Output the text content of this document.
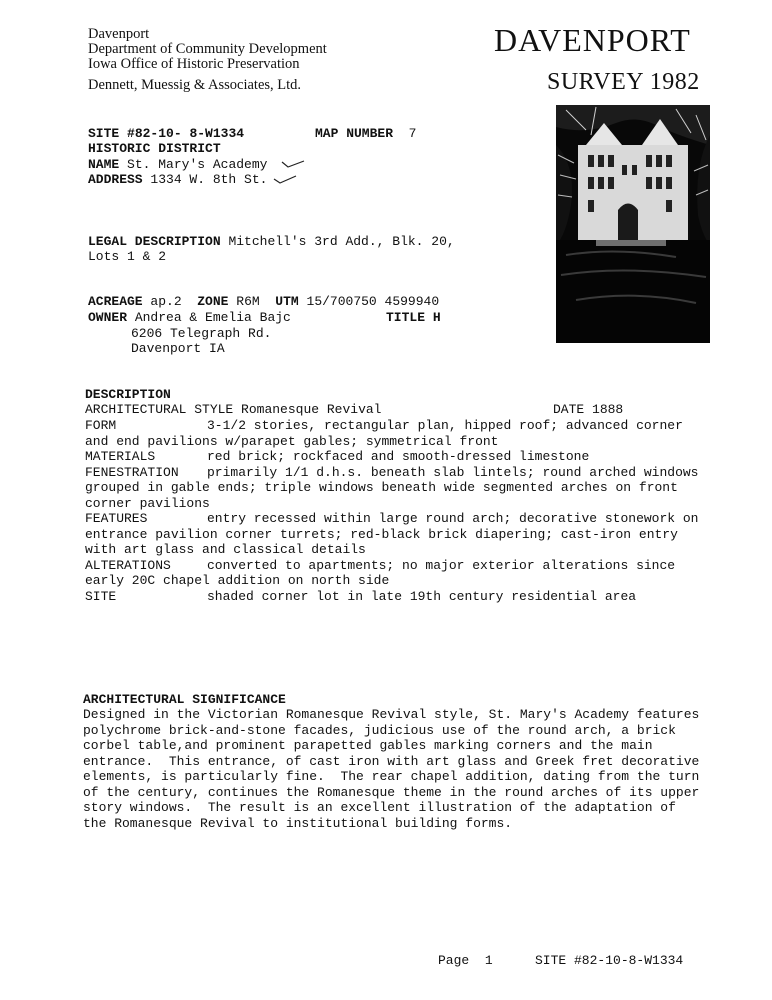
Davenport
Department of Community Development
Iowa Office of Historic Preservation
Dennett, Muessig & Associates, Ltd.
DAVENPORT
SURVEY 1982
SITE #82-10- 8-W1334	MAP NUMBER 7
HISTORIC DISTRICT
NAME St. Mary's Academy
ADDRESS 1334 W. 8th St.
LEGAL DESCRIPTION Mitchell's 3rd Add., Blk. 20,
Lots 1 & 2
ACREAGE ap.2 ZONE R6M UTM 15/700750 4599940
OWNER Andrea & Emelia Bajc	TITLE H
6206 Telegraph Rd.
Davenport IA
DESCRIPTION
ARCHITECTURAL STYLE Romanesque Revival	DATE 1888
FORM	3-1/2 stories, rectangular plan, hipped roof; advanced corner
and end pavilions w/parapet gables; symmetrical front
MATERIALS	red brick; rockfaced and smooth-dressed limestone
FENESTRATION primarily 1/1 d.h.s. beneath slab lintels; round arched windows
grouped in gable ends; triple windows beneath wide segmented arches on front
corner pavilions
FEATURES	entry recessed within large round arch; decorative stonework on
entrance pavilion corner turrets; red-black brick diapering; cast-iron entry
with art glass and classical details
ALTERATIONS	converted to apartments; no major exterior alterations since
early 20C chapel addition on north side
SITE	shaded corner lot in late 19th century residential area
ARCHITECTURAL SIGNIFICANCE
Designed in the Victorian Romanesque Revival style, St. Mary's Academy features
polychrome brick-and-stone facades, judicious use of the round arch, a brick
corbel table,and prominent parapetted gables marking corners and the main
entrance.  This entrance, of cast iron with art glass and Greek fret decorative
elements, is particularly fine.  The rear chapel addition, dating from the turn
of the century, continues the Romanesque theme in the round arches of its upper
story windows.  The result is an excellent illustration of the adaptation of
the Romanesque Revival to institutional building forms.
Page 1	SITE #82-10-8-W1334
